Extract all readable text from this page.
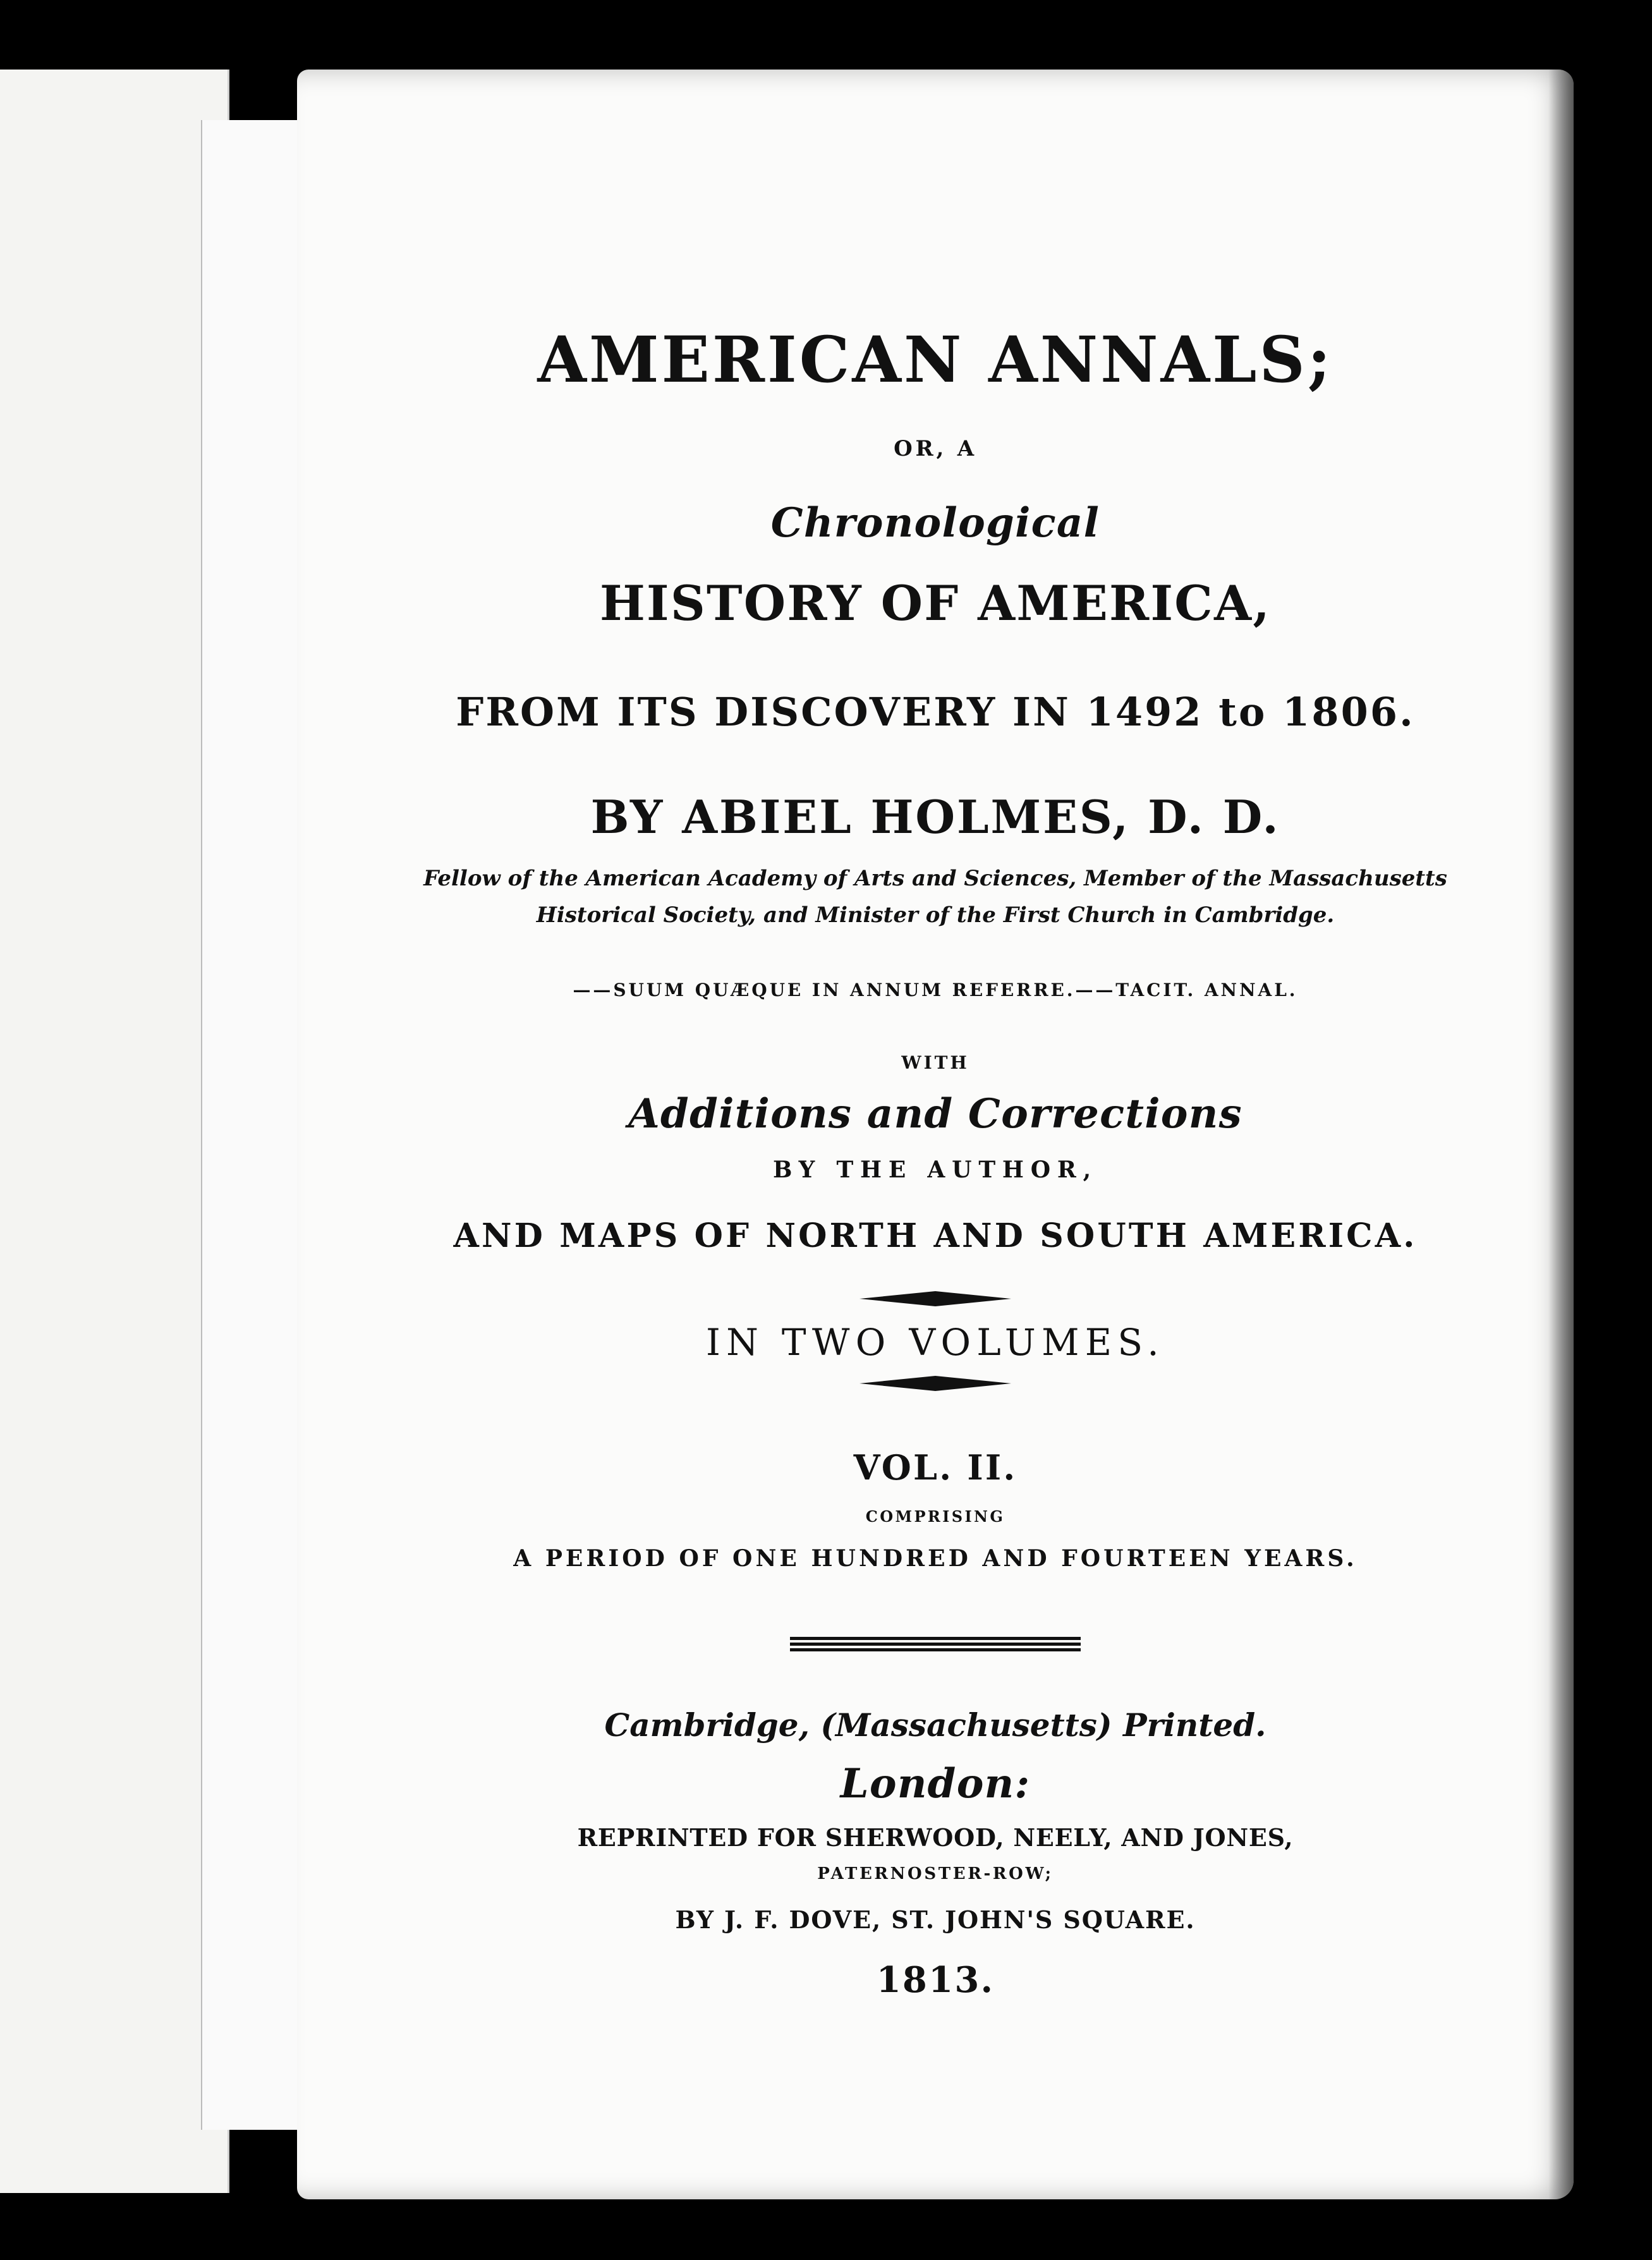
AMERICAN ANNALS;
OR, A
Chronological
HISTORY OF AMERICA,
FROM ITS DISCOVERY IN 1492 to 1806.
BY ABIEL HOLMES, D. D.
Fellow of the American Academy of Arts and Sciences, Member of the Massachusetts
Historical Society, and Minister of the First Church in Cambridge.
——SUUM QUÆQUE IN ANNUM REFERRE.——TACIT. ANNAL.
WITH
Additions and Corrections
BY THE AUTHOR,
AND MAPS OF NORTH AND SOUTH AMERICA.
IN TWO VOLUMES.
VOL. II.
COMPRISING
A PERIOD OF ONE HUNDRED AND FOURTEEN YEARS.
Cambridge, (Massachusetts) Printed.
London:
REPRINTED FOR SHERWOOD, NEELY, AND JONES,
PATERNOSTER-ROW;
BY J. F. DOVE, ST. JOHN'S SQUARE.
1813.
